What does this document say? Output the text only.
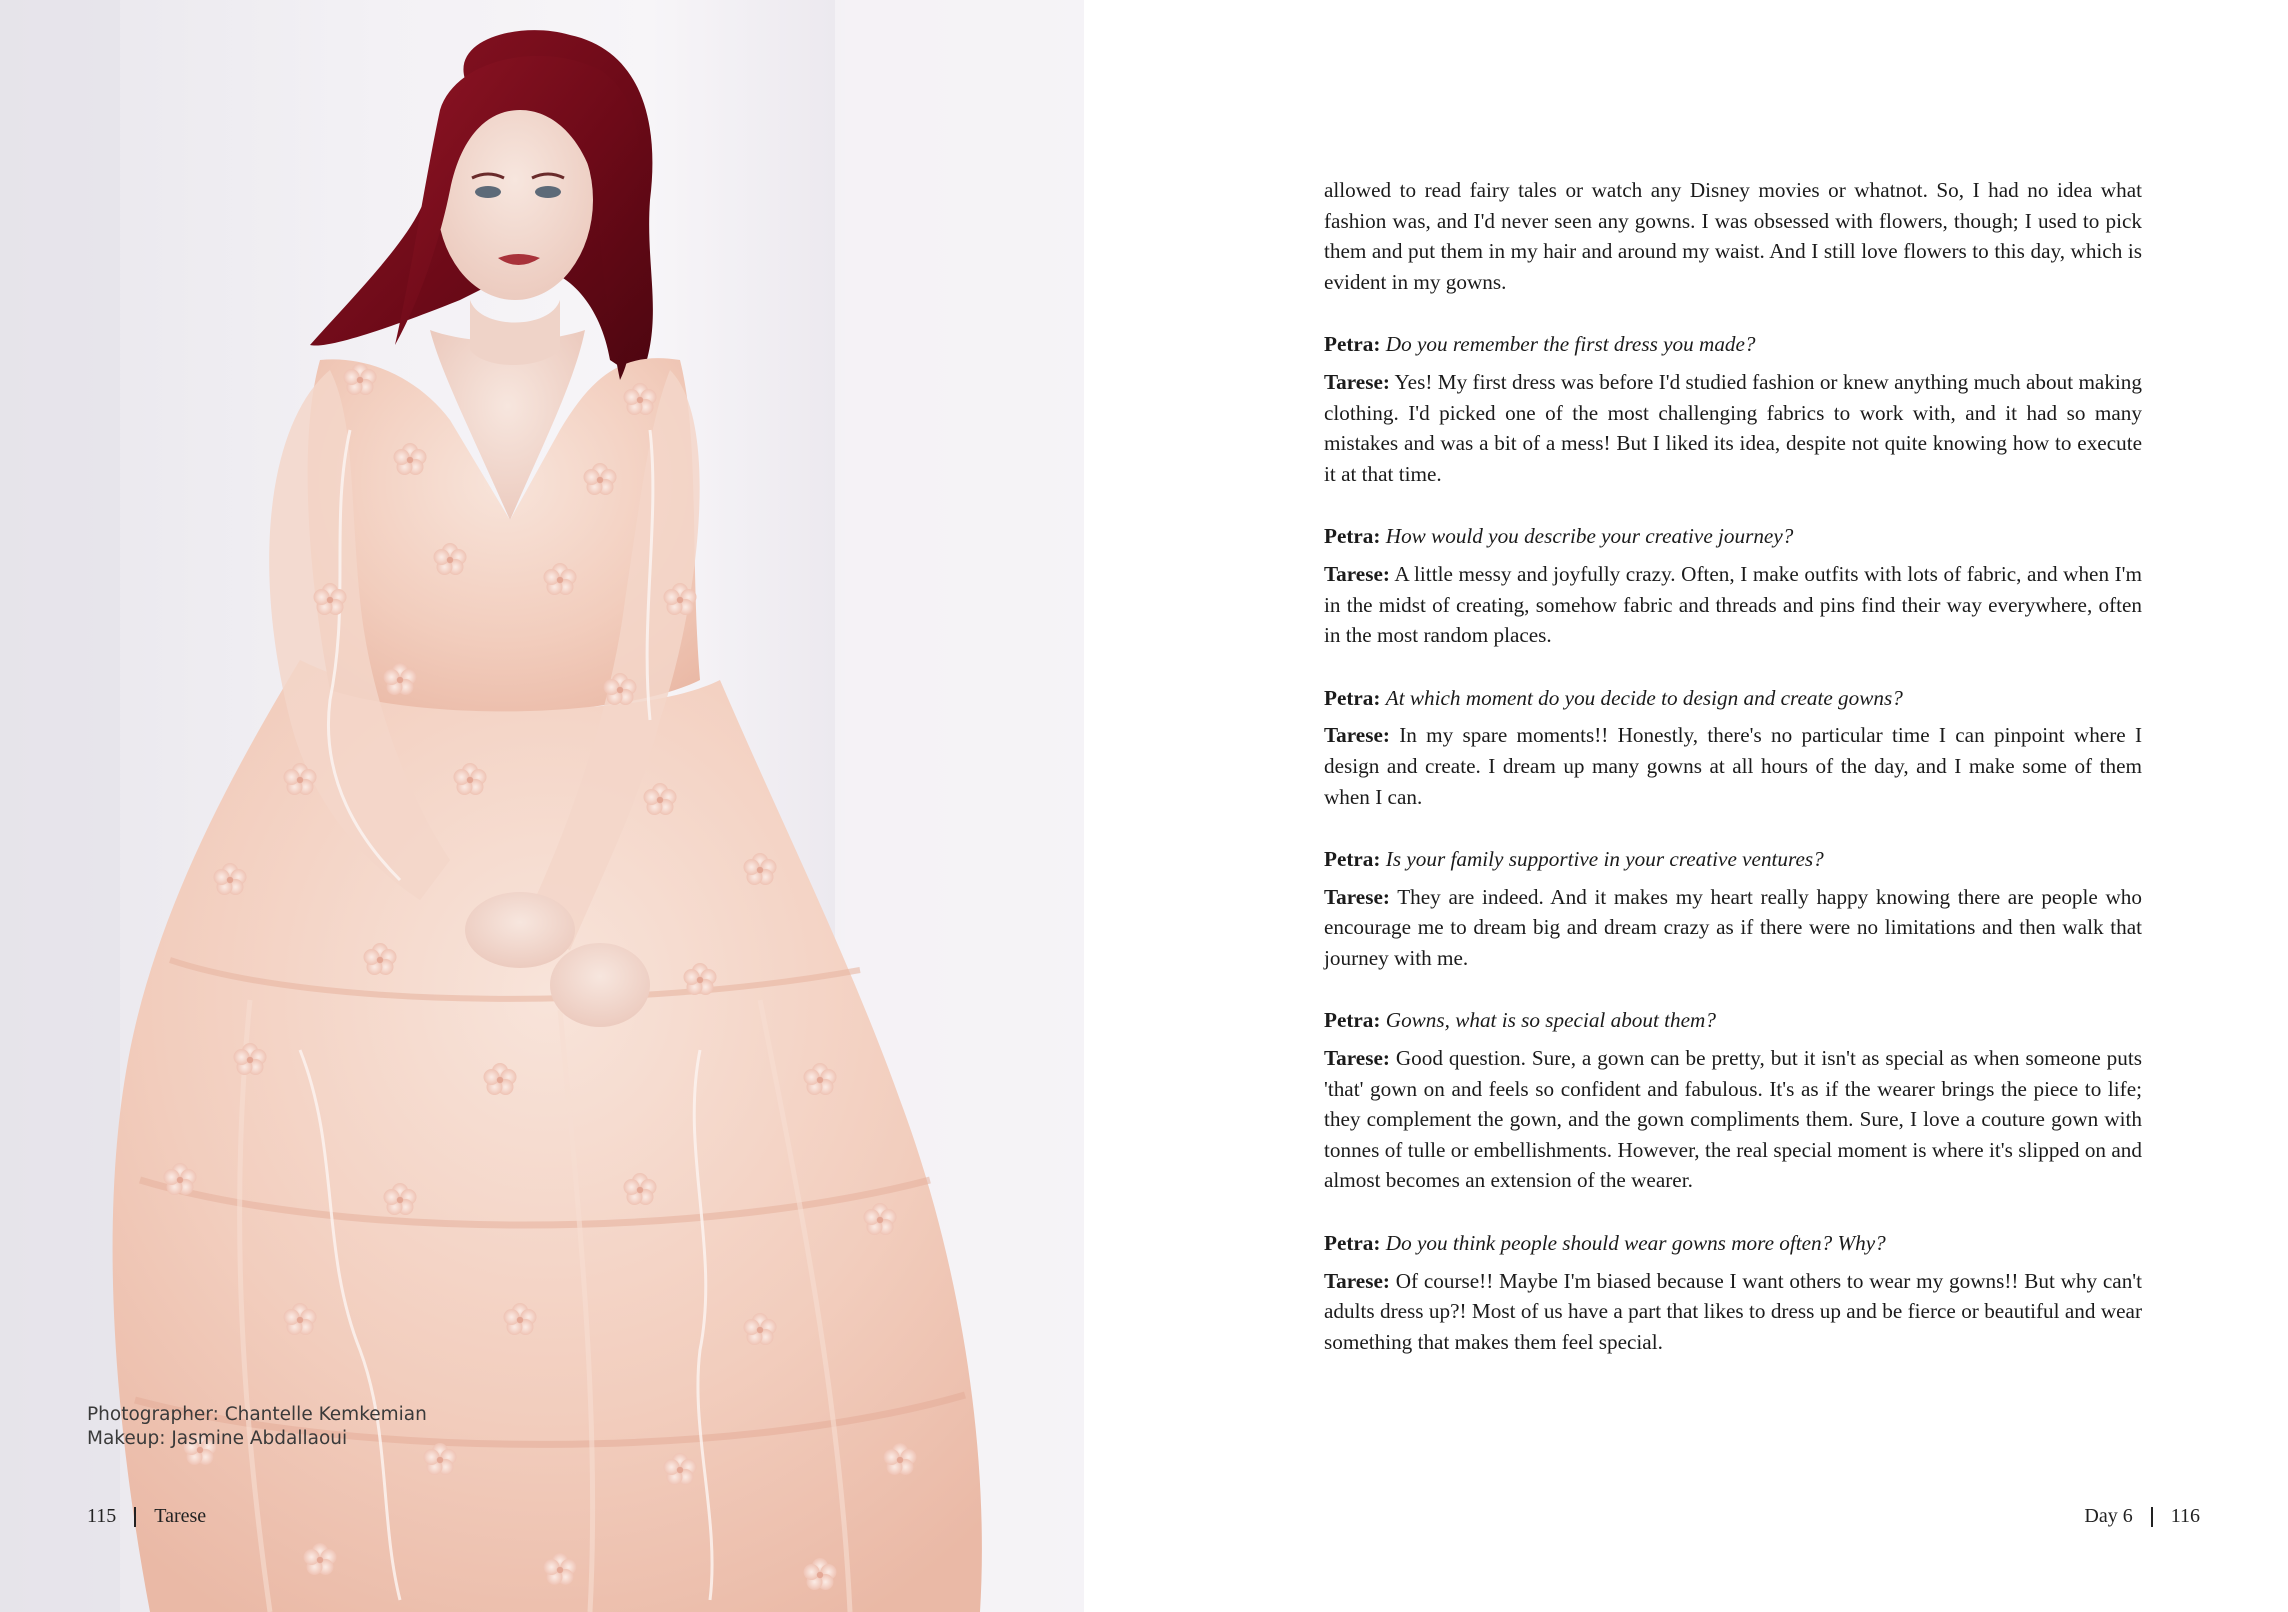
Photographer: Chantelle Kemkemian
Makeup: Jasmine Abdallaoui
115 Tarese

allowed to read fairy tales or watch any Disney movies or whatnot. So, I had no idea what fashion was, and I'd never seen any gowns. I was obsessed with flowers, though; I used to pick them and put them in my hair and around my waist. And I still love flowers to this day, which is evident in my gowns.

Petra: Do you remember the first dress you made?

Tarese: Yes! My first dress was before I'd studied fashion or knew anything much about making clothing. I'd picked one of the most challenging fabrics to work with, and it had so many mistakes and was a bit of a mess! But I liked its idea, despite not quite knowing how to execute it at that time.

Petra: How would you describe your creative journey?

Tarese: A little messy and joyfully crazy. Often, I make outfits with lots of fabric, and when I'm in the midst of creating, somehow fabric and threads and pins find their way everywhere, often in the most random places.

Petra: At which moment do you decide to design and create gowns?

Tarese: In my spare moments!! Honestly, there's no particular time I can pinpoint where I design and create. I dream up many gowns at all hours of the day, and I make some of them when I can.

Petra: Is your family supportive in your creative ventures?

Tarese: They are indeed. And it makes my heart really happy knowing there are people who encourage me to dream big and dream crazy as if there were no limitations and then walk that journey with me.

Petra: Gowns, what is so special about them?

Tarese: Good question. Sure, a gown can be pretty, but it isn't as special as when someone puts 'that' gown on and feels so confident and fabulous. It's as if the wearer brings the piece to life; they complement the gown, and the gown compliments them. Sure, I love a couture gown with tonnes of tulle or embellishments. However, the real special moment is where it's slipped on and almost becomes an extension of the wearer.

Petra: Do you think people should wear gowns more often? Why?

Tarese: Of course!! Maybe I'm biased because I want others to wear my gowns!! But why can't adults dress up?! Most of us have a part that likes to dress up and be fierce or beautiful and wear something that makes them feel special.

Day 6 116
